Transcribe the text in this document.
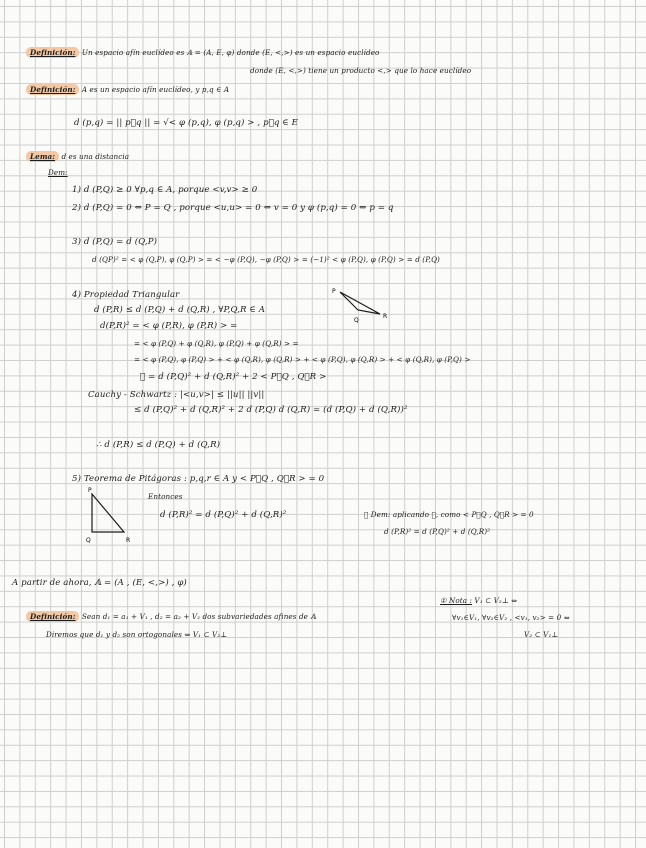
Definición: Un espacio afín euclídeo es 𝔸 = (A, E, φ) donde (E, <,>) es un espacio euclídeo
donde (E, <,>) tiene un producto <,> que lo hace euclídeo
Definición: A es un espacio afín euclídeo, y p,q ∈ A
d (p,q) = || p⃗q || = √< φ (p,q), φ (p,q) > , p⃗q ∈ E
Lema: d es una distancia
Dem:
1) d (P,Q) ≥ 0 ∀p,q ∈ A, porque <v,v> ≥ 0
2) d (P,Q) = 0 ⇔ P = Q , porque <u,u> = 0 ⇔ v = 0 y φ (p,q) = 0 ⇔ p = q
3) d (P,Q) = d (Q,P)
d (QP)² = < φ (Q,P), φ (Q,P) > = < −φ (P,Q), −φ (P,Q) > = (−1)² < φ (P,Q), φ (P,Q) > = d (P,Q)
4) Propiedad Triangular
d (P,R) ≤ d (P,Q) + d (Q,R) , ∀P,Q,R ∈ A
d(P,R)² = < φ (P,R), φ (P,R) > =
= < φ (P,Q) + φ (Q,R), φ (P,Q) + φ (Q,R) > =
= < φ (P,Q), φ (P,Q) > + < φ (Q,R), φ (Q,R) > + < φ (P,Q), φ (Q,R) > + < φ (Q,R), φ (P,Q) >
① = d (P,Q)² + d (Q,R)² + 2 < P⃗Q , Q⃗R >
Cauchy - Schwartz : |<u,v>| ≤ ||u|| ||v||
≤ d (P,Q)² + d (Q,R)² + 2 d (P,Q) d (Q,R) = (d (P,Q) + d (Q,R))²
∴ d (P,R) ≤ d (P,Q) + d (Q,R)
P
Q
R
5) Teorema de Pitágoras : p,q,r ∈ A y < P⃗Q , Q⃗R > = 0
Entonces
d (P,R)² = d (P,Q)² + d (Q,R)²	① Dem: aplicando ①, como < P⃗Q , Q⃗R > = 0
d (P,R)² = d (P,Q)² + d (Q,R)²
P
Q	R
A partir de ahora, 𝔸 = (A , (E, <,>) , φ)
① Nota : V₁ ⊂ V₂⊥ ⇔
∀v₁∈V₁, ∀v₂∈V₂ , <v₁, v₂> = 0 ⇔
V₂ ⊂ V₁⊥
Definición: Sean d₁ = a₁ + V₁ , d₂ = a₂ + V₂ dos subvariedades afines de 𝔸
Diremos que d₁ y d₂ son ortogonales ⇔ V₁ ⊂ V₂⊥
